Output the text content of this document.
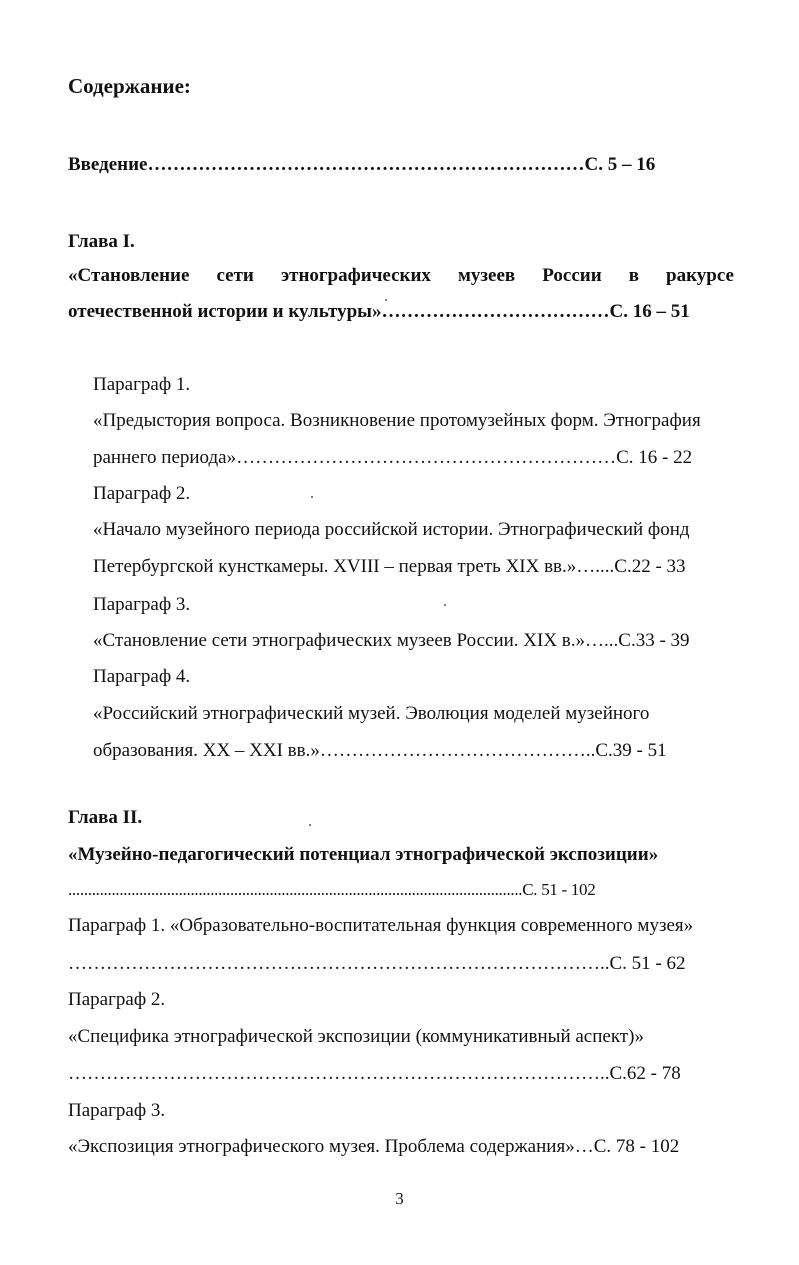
Содержание:
Введение……………………………………………………………С. 5 – 16
Глава I.
«Становление сети этнографических музеев России в ракурсе
отечественной истории и культуры»………………………………С. 16 – 51
Параграф 1.
«Предыстория вопроса. Возникновение протомузейных форм. Этнография
раннего периода»……………………………………………………С. 16 - 22
Параграф 2.
«Начало музейного периода российской истории. Этнографический фонд
Петербургской кунсткамеры. XVIII – первая треть XIX вв.»…....С.22 - 33
Параграф 3.
«Становление сети этнографических музеев России. XIX в.»…...С.33 - 39
Параграф 4.
«Российский этнографический музей. Эволюция моделей музейного
образования. XX – XXI вв.»……………………………………..С.39 - 51
Глава II.
«Музейно-педагогический потенциал этнографической экспозиции»
...................................................................................................................С. 51 - 102
Параграф 1. «Образовательно-воспитательная функция современного музея»
…………………………………………………………………………..С. 51 - 62
Параграф 2.
«Специфика этнографической экспозиции (коммуникативный аспект)»
…………………………………………………………………………..С.62 - 78
Параграф 3.
«Экспозиция этнографического музея. Проблема содержания»…С. 78 - 102
3
